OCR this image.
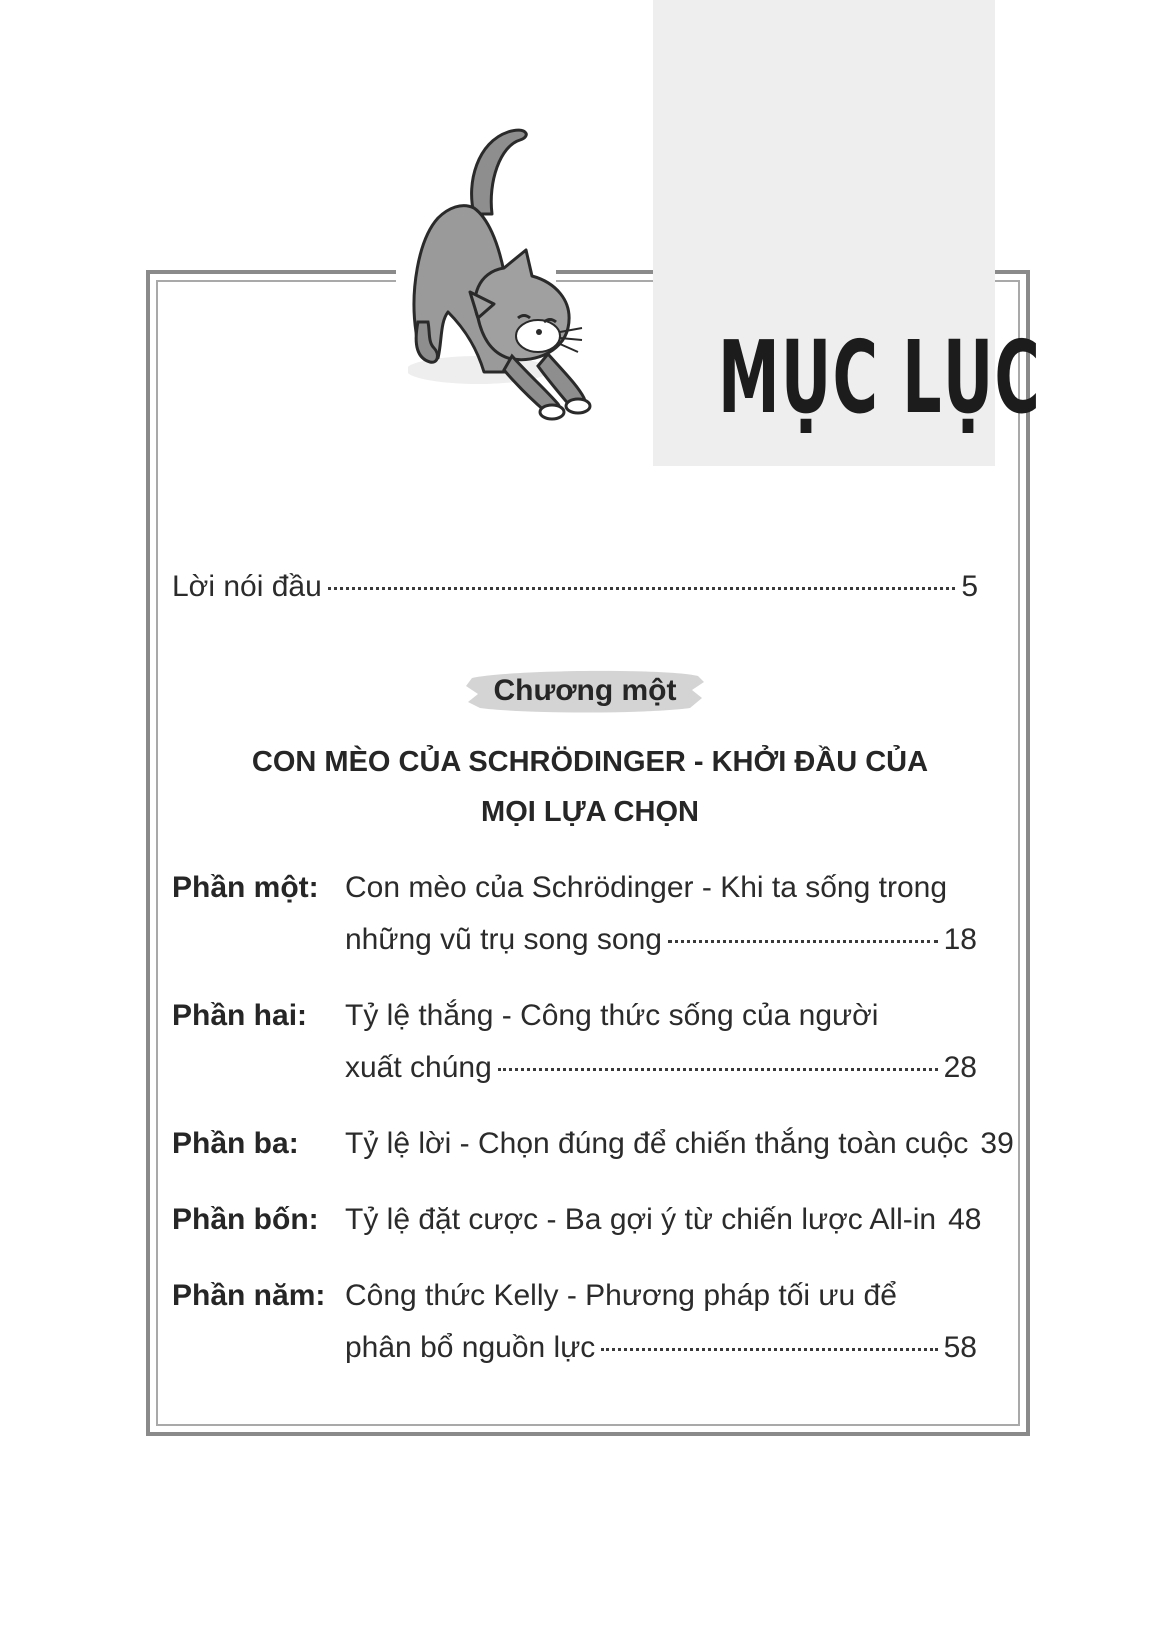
MỤC LỤC
Lời nói đầu	5
Chương một
CON MÈO CỦA SCHRÖDINGER - KHỞI ĐẦU CỦA
MỌI LỰA CHỌN
Phần một: Con mèo của Schrödinger - Khi ta sống trong
những vũ trụ song song	18
Phần hai: Tỷ lệ thắng - Công thức sống của người
xuất chúng	28
Phần ba: Tỷ lệ lời - Chọn đúng để chiến thắng toàn cuộc 39
Phần bốn: Tỷ lệ đặt cược - Ba gợi ý từ chiến lược All-in 48
Phần năm: Công thức Kelly - Phương pháp tối ưu để
phân bổ nguồn lực	58
